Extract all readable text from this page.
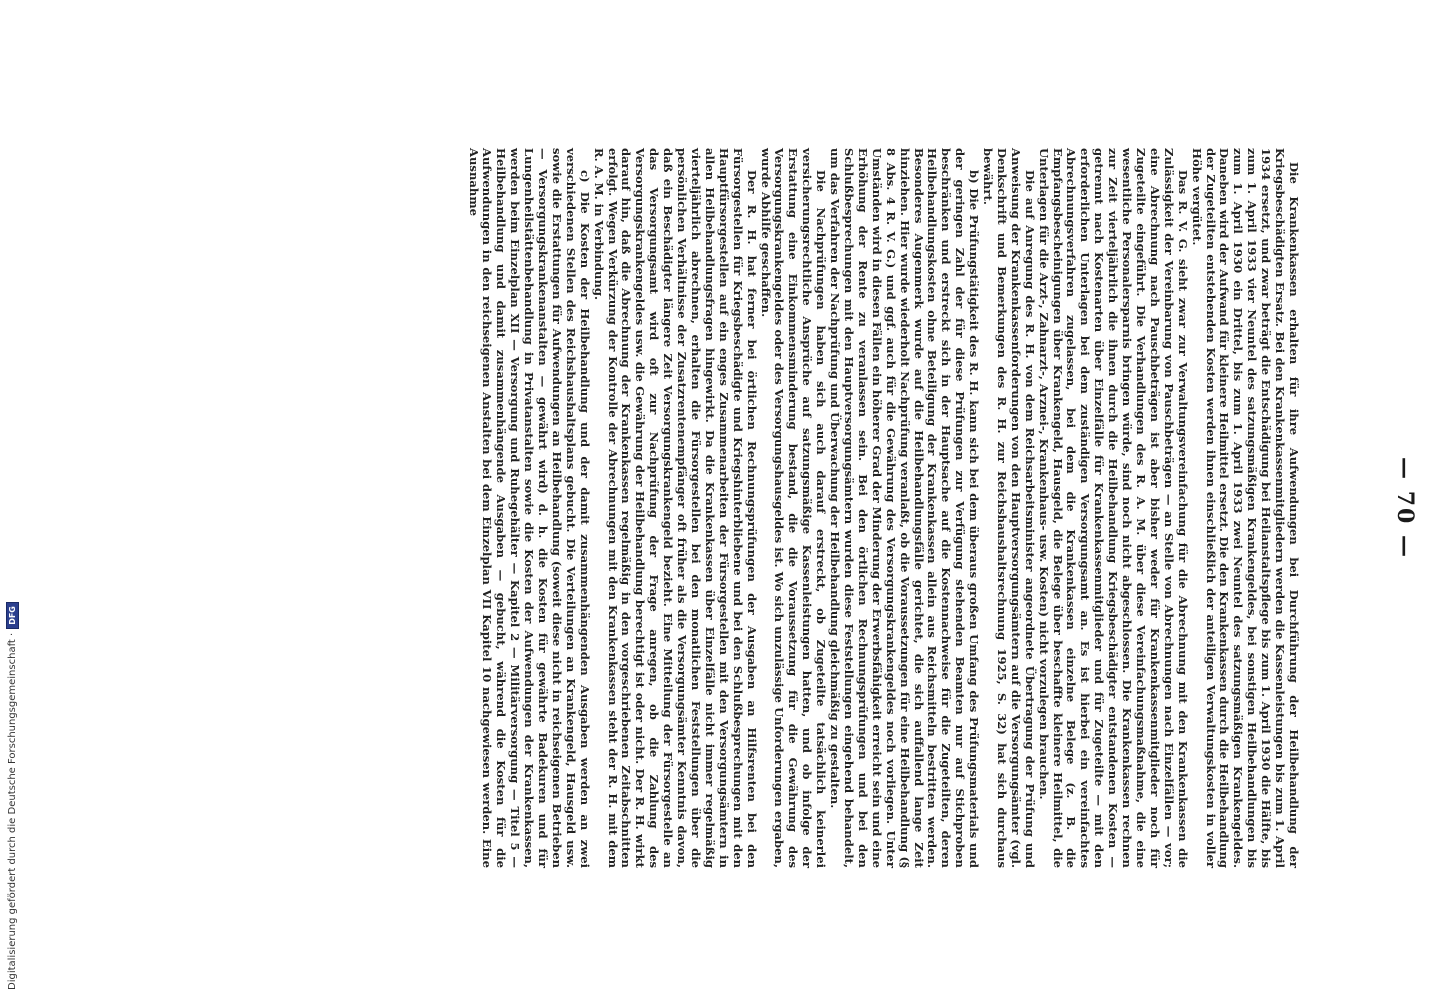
Digitalisierung gefördert durch die Deutsche Forschungsgemeinschaft ·
DFG
— 70 —

Die Krankenkassen erhalten für ihre Aufwendungen bei Durchführung der Heilbehandlung der Kriegsbeschädigten Ersatz. Bei den Krankenkassenmitgliedern werden die Kassenleistungen bis zum 1. April 1934 ersetzt, und zwar beträgt die Entschädigung bei Heilanstaltspflege bis zum 1. April 1930 die Hälfte, bis zum 1. April 1933 vier Neuntel des satzungsmäßigen Krankengeldes, bei sonstigen Heilbehandlungen bis zum 1. April 1930 ein Drittel, bis zum 1. April 1933 zwei Neuntel des satzungsmäßigen Krankengeldes. Daneben wird der Aufwand für kleinere Heilmittel ersetzt. Die den Krankenkassen durch die Heilbehandlung der Zugeteilten entstehenden Kosten werden ihnen einschließlich der anteiligen Verwaltungskosten in voller Höhe vergütet.

Das R. V. G. sieht zwar zur Verwaltungsvereinfachung für die Abrechnung mit den Krankenkassen die Zulässigkeit der Vereinbarung von Pauschbeträgen — an Stelle von Abrechnungen nach Einzelfällen — vor; eine Abrechnung nach Pauschbeträgen ist aber bisher weder für Krankenkassenmitglieder noch für Zugeteilte eingeführt. Die Verhandlungen des R. A. M. über diese Vereinfachungsmaßnahme, die eine wesentliche Personalersparnis bringen würde, sind noch nicht abgeschlossen. Die Krankenkassen rechnen zur Zeit vierteljährlich die ihnen durch die Heilbehandlung Kriegsbeschädigter entstandenen Kosten — getrennt nach Kostenarten über Einzelfälle für Krankenkassenmitglieder und für Zugeteilte — mit den erforderlichen Unterlagen bei dem zuständigen Versorgungsamt an. Es ist hierbei ein vereinfachtes Abrechnungsverfahren zugelassen, bei dem die Krankenkassen einzelne Belege (z. B. die Empfangsbescheinigungen über Krankengeld, Hausgeld, die Belege über beschaffte kleinere Heilmittel, die Unterlagen für die Arzt-, Zahnarzt-, Arznei-, Krankenhaus- usw. Kosten) nicht vorzulegen brauchen.

Die auf Anregung des R. H. von dem Reichsarbeitsminister angeordnete Übertragung der Prüfung und Anweisung der Krankenkassenforderungen von den Hauptversorgungsämtern auf die Versorgungsämter (vgl. Denkschrift und Bemerkungen des R. H. zur Reichshaushaltsrechnung 1925, S. 32) hat sich durchaus bewährt.

b) Die Prüfungstätigkeit des R. H. kann sich bei dem überaus großen Umfang des Prüfungsmaterials und der geringen Zahl der für diese Prüfungen zur Verfügung stehenden Beamten nur auf Stichproben beschränken und erstreckt sich in der Hauptsache auf die Kostennachweise für die Zugeteilten, deren Heilbehandlungskosten ohne Beteiligung der Krankenkassen allein aus Reichsmitteln bestritten werden. Besonderes Augenmerk wurde auf die Heilbehandlungsfälle gerichtet, die sich auffallend lange Zeit hinziehen. Hier wurde wiederholt Nachprüfung veranlaßt, ob die Voraussetzungen für eine Heilbehandlung (§ 8 Abs. 4 R. V. G.) und ggf. auch für die Gewährung des Versorgungskrankengeldes noch vorliegen. Unter Umständen wird in diesen Fällen ein höherer Grad der Minderung der Erwerbsfähigkeit erreicht sein und eine Erhöhung der Rente zu veranlassen sein. Bei den örtlichen Rechnungsprüfungen und bei den Schlußbesprechungen mit den Hauptversorgungsämtern wurden diese Feststellungen eingehend behandelt, um das Verfahren der Nachprüfung und Überwachung der Heilbehandlung gleichmäßig zu gestalten.

Die Nachprüfungen haben sich auch darauf erstreckt, ob Zugeteilte tatsächlich keinerlei versicherungsrechtliche Ansprüche auf satzungsmäßige Kassenleistungen hatten, und ob infolge der Erstattung eine Einkommensminderung bestand, die die Voraussetzung für die Gewährung des Versorgungskrankengeldes oder des Versorgungshausgeldes ist. Wo sich unzulässige Unforderungen ergaben, wurde Abhilfe geschaffen.

Der R. H. hat ferner bei örtlichen Rechnungsprüfungen der Ausgaben an Hilfsrenten bei den Fürsorgestellen für Kriegsbeschädigte und Kriegshinterbliebene und bei den Schlußbesprechungen mit den Hauptfürsorgestellen auf ein enges Zusammenarbeiten der Fürsorgestellen mit den Versorgungsämtern in allen Heilbehandlungsfragen hingewirkt. Da die Krankenkassen über Einzelfälle nicht immer regelmäßig vierteljährlich abrechnen, erhalten die Fürsorgestellen bei den monatlichen Feststellungen über die persönlichen Verhältnisse der Zusatzrentenempfänger oft früher als die Versorgungsämter Kenntnis davon, daß ein Beschädigter längere Zeit Versorgungskrankengeld bezieht. Eine Mitteilung der Fürsorgestelle an das Versorgungsamt wird oft zur Nachprüfung der Frage anregen, ob die Zahlung des Versorgungskrankengeldes usw. die Gewährung der Heilbehandlung berechtigt ist oder nicht. Der R. H. wirkt darauf hin, daß die Abrechnung der Krankenkassen regelmäßig in den vorgeschriebenen Zeitabschnitten erfolgt. Wegen Verkürzung der Kontrolle der Abrechnungen mit den Krankenkassen steht der R. H. mit dem R. A. M. in Verbindung.

c) Die Kosten der Heilbehandlung und der damit zusammenhängenden Ausgaben werden an zwei verschiedenen Stellen des Reichshaushaltsplans gebucht. Die Verteilungen an Krankengeld, Hausgeld usw. sowie die Erstattungen für Aufwendungen an Heilbehandlung (soweit diese nicht in reichseigenen Betrieben — Versorgungskrankenanstalten — gewährt wird) d. h. die Kosten für gewährte Badekuren und für Lungenheilstättenbehandlung in Privatanstalten sowie die Kosten der Aufwendungen der Krankenkassen, werden beim Einzelplan XII — Versorgung und Ruhegehälter — Kapitel 2 — Militärversorgung — Titel 5 — Heilbehandlung und damit zusammenhängende Ausgaben — gebucht, während die Kosten für die Aufwendungen in den reichseigenen Anstalten bei dem Einzelplan VII Kapitel 10 nachgewiesen werden. Eine Ausnahme
